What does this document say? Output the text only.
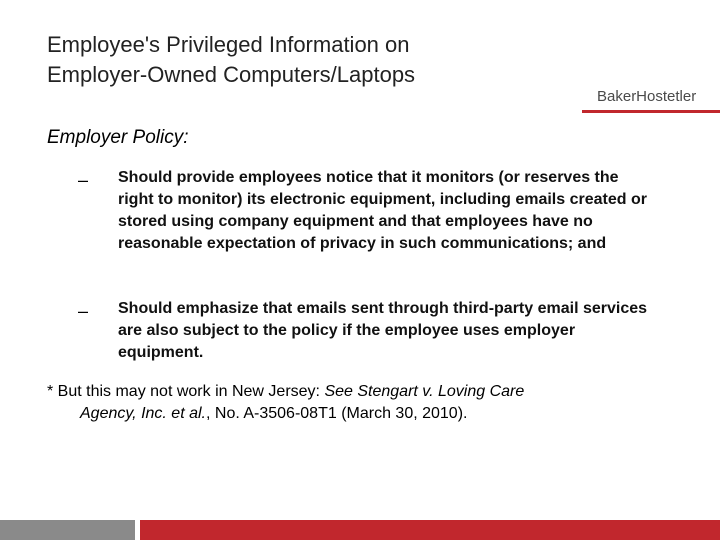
Employee's Privileged Information on
Employer-Owned Computers/Laptops
BakerHostetler
Employer Policy:
– Should provide employees notice that it monitors (or reserves the right to monitor) its electronic equipment, including emails created or stored using company equipment and that employees have no reasonable expectation of privacy in such communications; and
– Should emphasize that emails sent through third-party email services are also subject to the policy if the employee uses employer equipment.
* But this may not work in New Jersey: See Stengart v. Loving Care
Agency, Inc. et al., No. A-3506-08T1 (March 30, 2010).
